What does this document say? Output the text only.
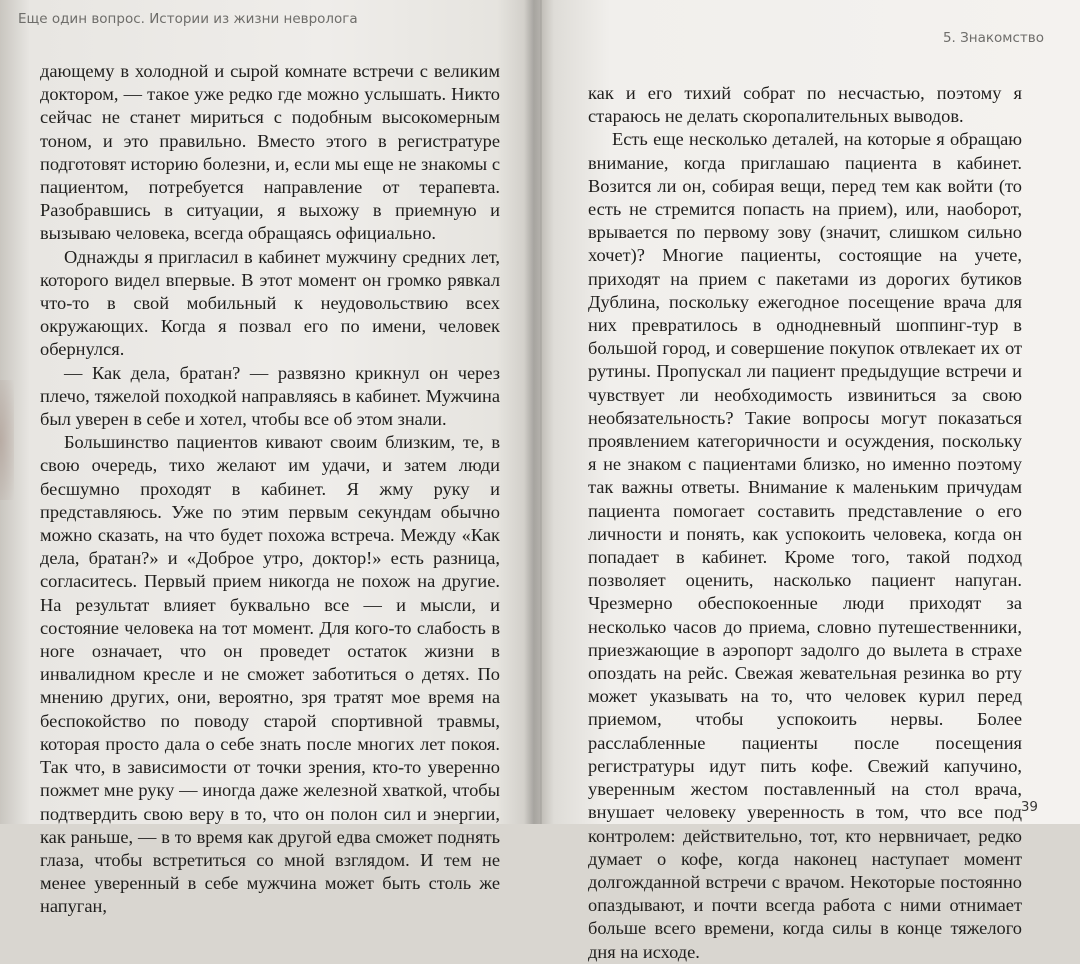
Еще один вопрос. Истории из жизни невролога

дающему в холодной и сырой комнате встречи с великим доктором, — такое уже редко где можно услышать. Никто сейчас не станет мириться с подобным высокомерным тоном, и это правильно. Вместо этого в регистратуре подготовят историю болезни, и, если мы еще не знакомы с пациентом, потребуется направление от терапевта. Разобравшись в ситуации, я выхожу в приемную и вызываю человека, всегда обращаясь официально.

Однажды я пригласил в кабинет мужчину средних лет, которого видел впервые. В этот момент он громко рявкал что-то в свой мобильный к неудовольствию всех окружающих. Когда я позвал его по имени, человек обернулся.

— Как дела, братан? — развязно крикнул он через плечо, тяжелой походкой направляясь в кабинет. Мужчина был уверен в себе и хотел, чтобы все об этом знали.

Большинство пациентов кивают своим близким, те, в свою очередь, тихо желают им удачи, и затем люди бесшумно проходят в кабинет. Я жму руку и представляюсь. Уже по этим первым секундам обычно можно сказать, на что будет похожа встреча. Между «Как дела, братан?» и «Доброе утро, доктор!» есть разница, согласитесь. Первый прием никогда не похож на другие. На результат влияет буквально все — и мысли, и состояние человека на тот момент. Для кого-то слабость в ноге означает, что он проведет остаток жизни в инвалидном кресле и не сможет заботиться о детях. По мнению других, они, вероятно, зря тратят мое время на беспокойство по поводу старой спортивной травмы, которая просто дала о себе знать после многих лет покоя. Так что, в зависимости от точки зрения, кто-то уверенно пожмет мне руку — иногда даже железной хваткой, чтобы подтвердить свою веру в то, что он полон сил и энергии, как раньше, — в то время как другой едва сможет поднять глаза, чтобы встретиться со мной взглядом. И тем не менее уверенный в себе мужчина может быть столь же напуган,

5. Знакомство

как и его тихий собрат по несчастью, поэтому я стараюсь не делать скоропалительных выводов.

Есть еще несколько деталей, на которые я обращаю внимание, когда приглашаю пациента в кабинет. Возится ли он, собирая вещи, перед тем как войти (то есть не стремится попасть на прием), или, наоборот, врывается по первому зову (значит, слишком сильно хочет)? Многие пациенты, состоящие на учете, приходят на прием с пакетами из дорогих бутиков Дублина, поскольку ежегодное посещение врача для них превратилось в однодневный шоппинг-тур в большой город, и совершение покупок отвлекает их от рутины. Пропускал ли пациент предыдущие встречи и чувствует ли необходимость извиниться за свою необязательность? Такие вопросы могут показаться проявлением категоричности и осуждения, поскольку я не знаком с пациентами близко, но именно поэтому так важны ответы. Внимание к маленьким причудам пациента помогает составить представление о его личности и понять, как успокоить человека, когда он попадает в кабинет. Кроме того, такой подход позволяет оценить, насколько пациент напуган. Чрезмерно обеспокоенные люди приходят за несколько часов до приема, словно путешественники, приезжающие в аэропорт задолго до вылета в страхе опоздать на рейс. Свежая жевательная резинка во рту может указывать на то, что человек курил перед приемом, чтобы успокоить нервы. Более расслабленные пациенты после посещения регистратуры идут пить кофе. Свежий капучино, уверенным жестом поставленный на стол врача, внушает человеку уверенность в том, что все под контролем: действительно, тот, кто нервничает, редко думает о кофе, когда наконец наступает момент долгожданной встречи с врачом. Некоторые постоянно опаздывают, и почти всегда работа с ними отнимает больше всего времени, когда силы в конце тяжелого дня на исходе.

39
